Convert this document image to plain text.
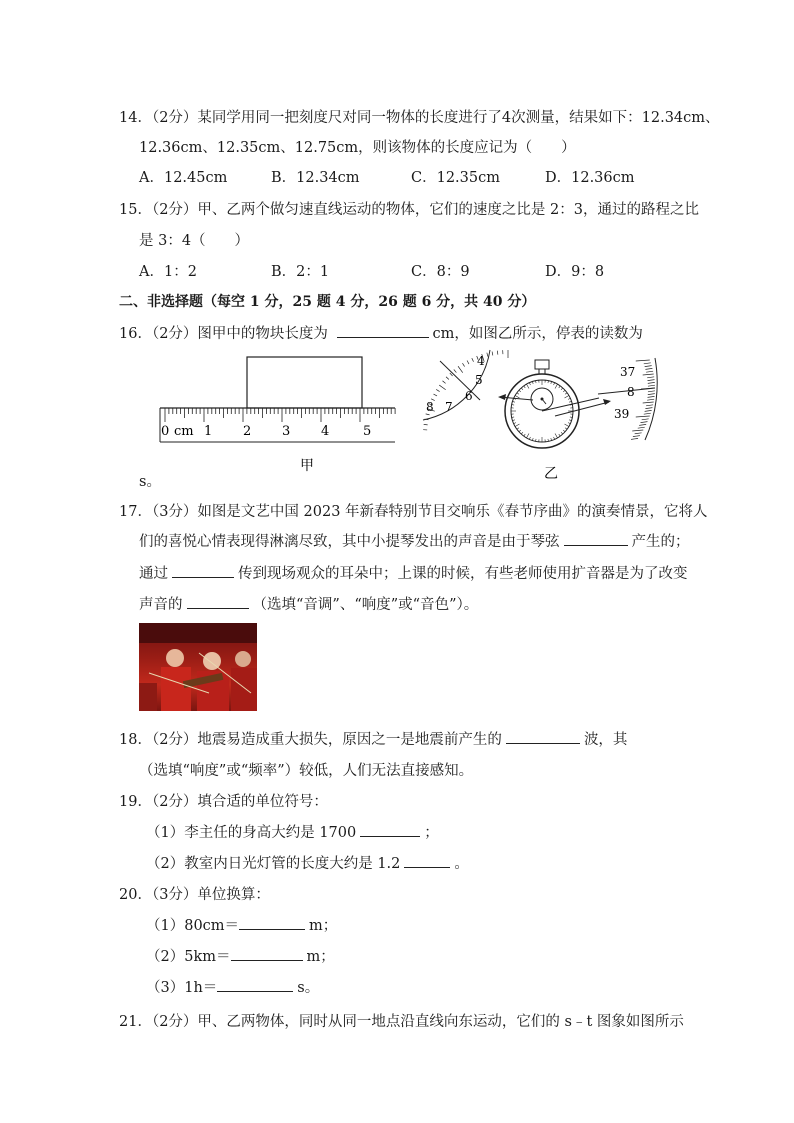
14．（2分）某同学用同一把刻度尺对同一物体的长度进行了4次测量，结果如下：12.34cm、
12.36cm、12.35cm、12.75cm，则该物体的长度应记为（　　）
A．12.45cm	B．12.34cm	C．12.35cm	D．12.36cm
15．（2分）甲、乙两个做匀速直线运动的物体，它们的速度之比是 2：3，通过的路程之比
是 3：4（　　）
A．1：2	B．2：1	C．8：9	D．9：8
二、非选择题（每空 1 分，25 题 4 分，26 题 6 分，共 40 分）
16．（2分）图甲中的物块长度为	cm，如图乙所示，停表的读数为
0 cm 1 2 3 4	5
甲
4
5
6
7
8
37
8
39
乙
s。
17．（3分）如图是文艺中国 2023 年新春特别节目交响乐《春节序曲》的演奏情景，它将人
们的喜悦心情表现得淋漓尽致，其中小提琴发出的声音是由于琴弦	产生的；
通过	传到现场观众的耳朵中；上课的时候，有些老师使用扩音器是为了改变
声音的	（选填“音调”、“响度”或“音色”）。
18．（2分）地震易造成重大损失，原因之一是地震前产生的	波，其
（选填“响度”或“频率”）较低，人们无法直接感知。
19．（2分）填合适的单位符号：
（1）李主任的身高大约是 1700	；
（2）教室内日光灯管的长度大约是 1.2	。
20．（3分）单位换算：
（1）80cm＝	m；
（2）5km＝	m；
（3）1h＝	s。
21．（2分）甲、乙两物体，同时从同一地点沿直线向东运动，它们的 s﹣t 图象如图所示
